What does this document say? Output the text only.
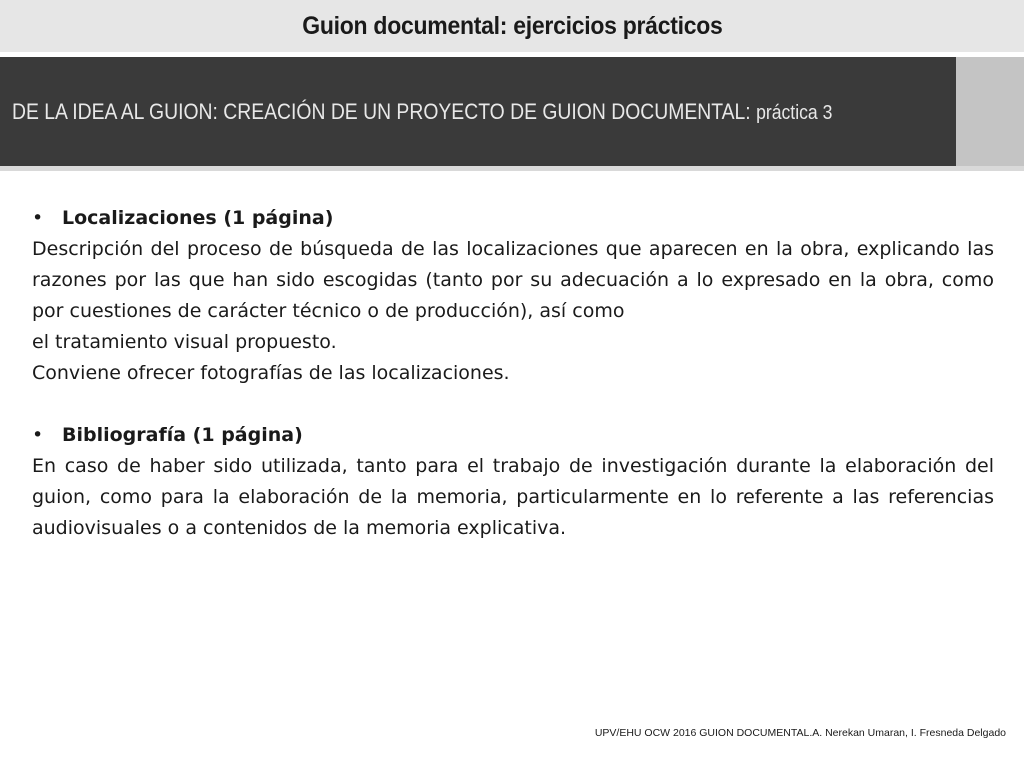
Guion documental: ejercicios prácticos
DE LA IDEA AL GUION: CREACIÓN DE UN PROYECTO DE GUION DOCUMENTAL: práctica 3
• Localizaciones (1 página)

Descripción del proceso de búsqueda de las localizaciones que aparecen en la obra, explicando las razones por las que han sido escogidas (tanto por su adecuación a lo expresado en la obra, como por cuestiones de carácter técnico o de producción), así como

el tratamiento visual propuesto.

Conviene ofrecer fotografías de las localizaciones.

• Bibliografía (1 página)

En caso de haber sido utilizada, tanto para el trabajo de investigación durante la elaboración del guion, como para la elaboración de la memoria, particularmente en lo referente a las referencias audiovisuales o a contenidos de la memoria explicativa.

UPV/EHU OCW 2016 GUION DOCUMENTAL.A. Nerekan Umaran, I. Fresneda Delgado
